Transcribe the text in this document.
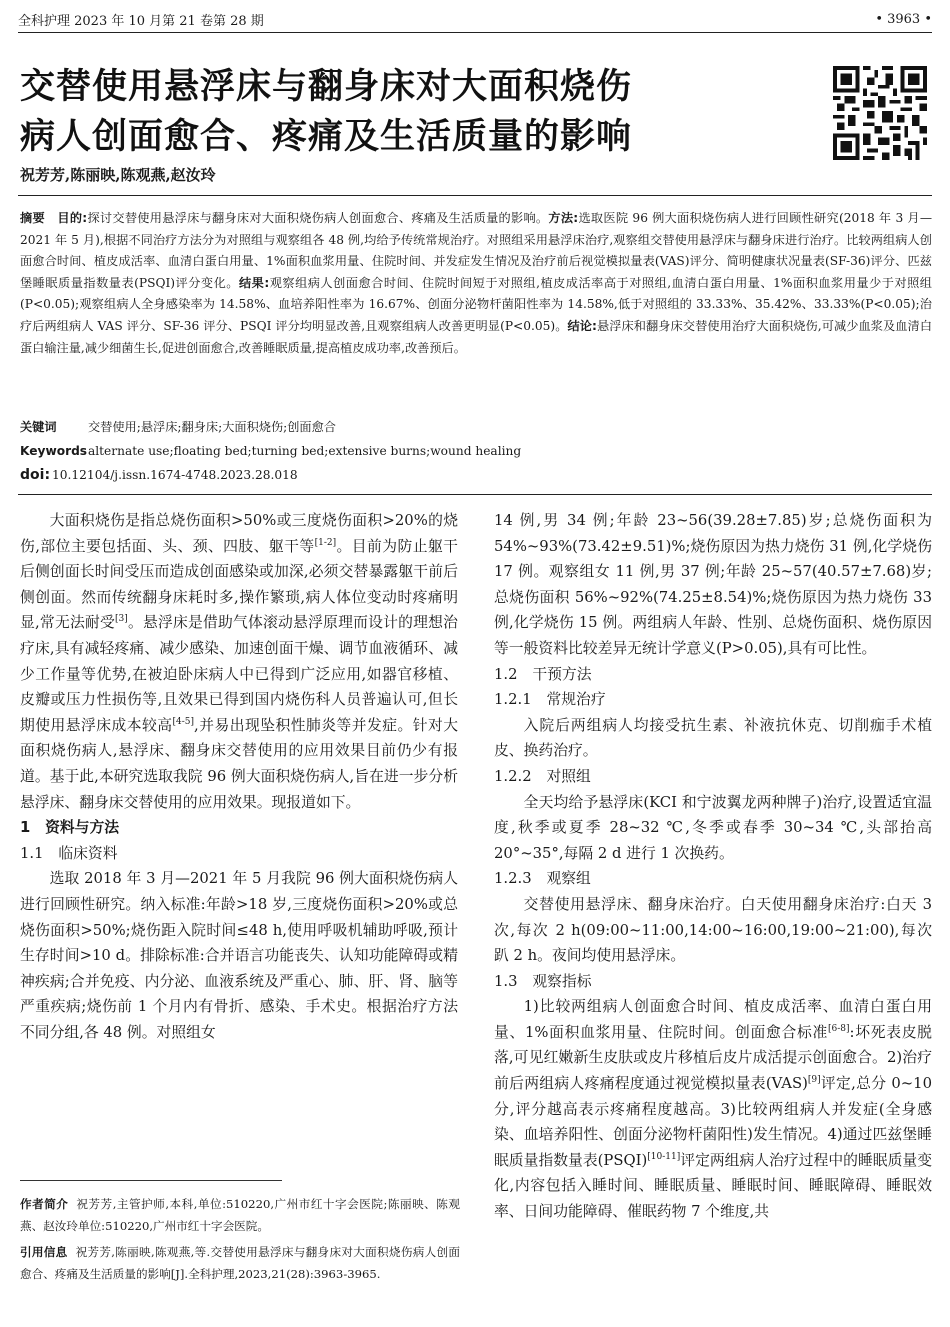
全科护理 2023 年 10 月第 21 卷第 28 期	• 3963 •
交替使用悬浮床与翻身床对大面积烧伤
病人创面愈合、疼痛及生活质量的影响
祝芳芳,陈丽映,陈观燕,赵汝玲
摘要  目的:探讨交替使用悬浮床与翻身床对大面积烧伤病人创面愈合、疼痛及生活质量的影响。方法:选取医院 96 例大面积烧伤病人进行回顾性研究(2018 年 3 月—2021 年 5 月),根据不同治疗方法分为对照组与观察组各 48 例,均给予传统常规治疗。对照组采用悬浮床治疗,观察组交替使用悬浮床与翻身床进行治疗。比较两组病人创面愈合时间、植皮成活率、血清白蛋白用量、1%面积血浆用量、住院时间、并发症发生情况及治疗前后视觉模拟量表(VAS)评分、简明健康状况量表(SF-36)评分、匹兹堡睡眠质量指数量表(PSQI)评分变化。结果:观察组病人创面愈合时间、住院时间短于对照组,植皮成活率高于对照组,血清白蛋白用量、1%面积血浆用量少于对照组(P<0.05);观察组病人全身感染率为 14.58%、血培养阳性率为 16.67%、创面分泌物杆菌阳性率为 14.58%,低于对照组的 33.33%、35.42%、33.33%(P<0.05);治疗后两组病人 VAS 评分、SF-36 评分、PSQI 评分均明显改善,且观察组病人改善更明显(P<0.05)。结论:悬浮床和翻身床交替使用治疗大面积烧伤,可减少血浆及血清白蛋白输注量,减少细菌生长,促进创面愈合,改善睡眠质量,提高植皮成功率,改善预后。
关键词	交替使用;悬浮床;翻身床;大面积烧伤;创面愈合
Keywordsalternate use;floating bed;turning bed;extensive burns;wound healing
doi: 10.12104/j.issn.1674-4748.2023.28.018

大面积烧伤是指总烧伤面积>50%或三度烧伤面积>20%的烧伤,部位主要包括面、头、颈、四肢、躯干等[1-2]。目前为防止躯干后侧创面长时间受压而造成创面感染或加深,必须交替暴露躯干前后侧创面。然而传统翻身床耗时多,操作繁琐,病人体位变动时疼痛明显,常无法耐受[3]。悬浮床是借助气体滚动悬浮原理而设计的理想治疗床,具有减轻疼痛、减少感染、加速创面干燥、调节血液循环、减少工作量等优势,在被迫卧床病人中已得到广泛应用,如器官移植、皮瓣或压力性损伤等,且效果已得到国内烧伤科人员普遍认可,但长期使用悬浮床成本较高[4-5],并易出现坠积性肺炎等并发症。针对大面积烧伤病人,悬浮床、翻身床交替使用的应用效果目前仍少有报道。基于此,本研究选取我院 96 例大面积烧伤病人,旨在进一步分析悬浮床、翻身床交替使用的应用效果。现报道如下。

1　资料与方法

1.1　临床资料

选取 2018 年 3 月—2021 年 5 月我院 96 例大面积烧伤病人进行回顾性研究。纳入标准:年龄>18 岁,三度烧伤面积>20%或总烧伤面积>50%;烧伤距入院时间≤48 h,使用呼吸机辅助呼吸,预计生存时间>10 d。排除标准:合并语言功能丧失、认知功能障碍或精神疾病;合并免疫、内分泌、血液系统及严重心、肺、肝、肾、脑等严重疾病;烧伤前 1 个月内有骨折、感染、手术史。根据治疗方法不同分组,各 48 例。对照组女

作者简介 祝芳芳,主管护师,本科,单位:510220,广州市红十字会医院;陈丽映、陈观燕、赵汝玲单位:510220,广州市红十字会医院。
引用信息 祝芳芳,陈丽映,陈观燕,等.交替使用悬浮床与翻身床对大面积烧伤病人创面愈合、疼痛及生活质量的影响[J].全科护理,2023,21(28):3963-3965.

14 例,男 34 例;年龄 23~56(39.28±7.85)岁;总烧伤面积为 54%~93%(73.42±9.51)%;烧伤原因为热力烧伤 31 例,化学烧伤 17 例。观察组女 11 例,男 37 例;年龄 25~57(40.57±7.68)岁;总烧伤面积 56%~92%(74.25±8.54)%;烧伤原因为热力烧伤 33 例,化学烧伤 15 例。两组病人年龄、性别、总烧伤面积、烧伤原因等一般资料比较差异无统计学意义(P>0.05),具有可比性。

1.2　干预方法

1.2.1　常规治疗

入院后两组病人均接受抗生素、补液抗休克、切削痂手术植皮、换药治疗。

1.2.2　对照组

全天均给予悬浮床(KCI 和宁波翼龙两种牌子)治疗,设置适宜温度,秋季或夏季 28~32 ℃,冬季或春季 30~34 ℃,头部抬高 20°~35°,每隔 2 d 进行 1 次换药。

1.2.3　观察组

交替使用悬浮床、翻身床治疗。白天使用翻身床治疗:白天 3 次,每次 2 h(09:00~11:00,14:00~16:00,19:00~21:00),每次趴 2 h。夜间均使用悬浮床。

1.3　观察指标

1)比较两组病人创面愈合时间、植皮成活率、血清白蛋白用量、1%面积血浆用量、住院时间。创面愈合标准[6-8]:坏死表皮脱落,可见红嫩新生皮肤或皮片移植后皮片成活提示创面愈合。2)治疗前后两组病人疼痛程度通过视觉模拟量表(VAS)[9]评定,总分 0~10 分,评分越高表示疼痛程度越高。3)比较两组病人并发症(全身感染、血培养阳性、创面分泌物杆菌阳性)发生情况。4)通过匹兹堡睡眠质量指数量表(PSQI)[10-11]评定两组病人治疗过程中的睡眠质量变化,内容包括入睡时间、睡眠质量、睡眠时间、睡眠障碍、睡眠效率、日间功能障碍、催眠药物 7 个维度,共
